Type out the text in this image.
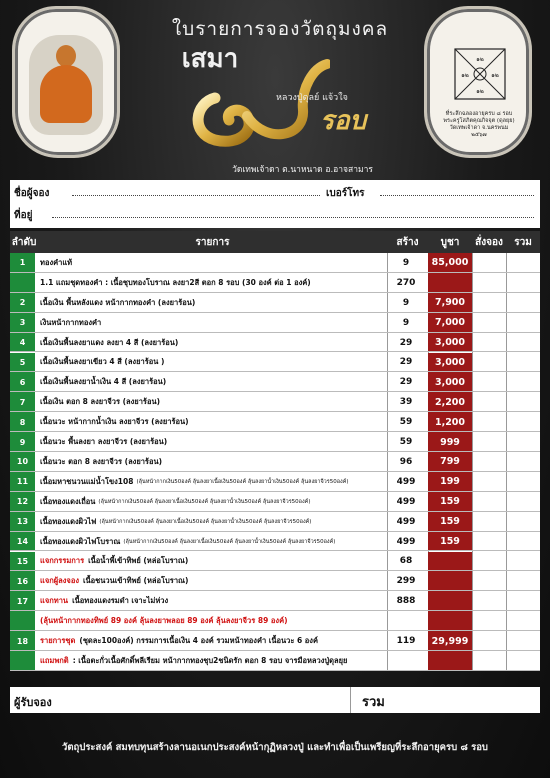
ใบรายการจองวัตถุมงคล
เสมา
หลวงปู่ดุลย์ แจ้วใจ
รอบ
๑๒
๑๒
๑๒	๑๒
ที่ระลึกฉลองอายุครบ ๘ รอบ
พระครูโสภิตคุณกิจจุต (ดุลยุย)
วัดเทพเจ้าดา จ.นครพนม
๒๕๖๗
วัดเทพเจ้าดา ต.นาหนาด อ.อาจสามาร
ชื่อผู้จอง	เบอร์โทร
ที่อยู่
ลำดับ	รายการ	สร้าง	บูชา	สั่งจอง	รวม
1	ทองคำแท้	9	85,000
1.1 แถมชุดทองคำ : เนื้อชุบทองโบราณ ลงยา2สี ตอก 8 รอบ (30 องค์ ต่อ 1 องค์)	270
2	เนื้อเงิน พื้นหลังแดง หน้ากากทองคำ (ลงยาร้อน)	9	7,900
3	เงินหน้ากากทองคำ	9	7,000
4	เนื้อเงินพื้นลงยาแดง ลงยา 4 สี (ลงยาร้อน)	29	3,000
5	เนื้อเงินพื้นลงยาเขียว 4 สี (ลงยาร้อน )	29	3,000
6	เนื้อเงินพื้นลงยาน้ำเงิน 4 สี (ลงยาร้อน)	29	3,000
7	เนื้อเงิน ตอก 8 ลงยาจีวร (ลงยาร้อน)	39	2,200
8	เนื้อนวะ หน้ากากน้ำเงิน ลงยาจีวร (ลงยาร้อน)	59	1,200
9	เนื้อนวะ พื้นลงยา ลงยาจีวร (ลงยาร้อน)	59	999
10	เนื้อนวะ ตอก 8 ลงยาจีวร (ลงยาร้อน)	96	799
11	เนื้อมหาชนวนแม่น้ำโขง108 (ลุ้นหน้ากากเงิน50องค์ ลุ้นลงยาเนื้อเงิน50องค์ ลุ้นลงยาน้ำเงิน50องค์ ลุ้นลงยาจีวร50องค์)	499	199
12	เนื้อทองแดงเถื่อน (ลุ้นหน้ากากเงิน50องค์ ลุ้นลงยาเนื้อเงิน50องค์ ลุ้นลงยาน้ำเงิน50องค์ ลุ้นลงยาจีวร50องค์)	499	159
13	เนื้อทองแดงผิวไฟ (ลุ้นหน้ากากเงิน50องค์ ลุ้นลงยาเนื้อเงิน50องค์ ลุ้นลงยาน้ำเงิน50องค์ ลุ้นลงยาจีวร50องค์)	499	159
14	เนื้อทองแดงผิวไฟโบราณ (ลุ้นหน้ากากเงิน50องค์ ลุ้นลงยาเนื้อเงิน50องค์ ลุ้นลงยาน้ำเงิน50องค์ ลุ้นลงยาจีวร50องค์)	499	159
15	แจกกรรมการ เนื้อน้ำพี้เข้าทิพย์ (หล่อโบราณ)	68
16	แจกผู้ลงจอง เนื้อชนวนเข้าทิพย์ (หล่อโบราณ)	299
17	แจกทาน เนื้อทองแดงรมดำ เจาะไม่ห่วง	888
(ลุ้นหน้ากากทองทิพย์ 89 องค์ ลุ้นลงยาพลอย 89 องค์ ลุ้นลงยาจีวร 89 องค์)
18	รายการชุด (ชุดละ100องค์) กรรมการเนื้อเงิน 4 องค์ รวมหน้าทองคำ เนื้อนวะ 6 องค์	119	29,999
แถมพกติ : เนื้อตะกั่วเนื้อศักดิ์พลีเรียม หน้ากากทองชุบ2ชนิดรัก ตอก 8 รอบ จารมือหลวงปู่ดุลยุย
ผู้รับจอง	รวม
วัตถุประสงค์ สมทบทุนสร้างลานอเนกประสงค์หน้ากุฏิหลวงปู่ และทำเพื่อเป็นเพรียญที่ระลึกอายุครบ ๘ รอบ
